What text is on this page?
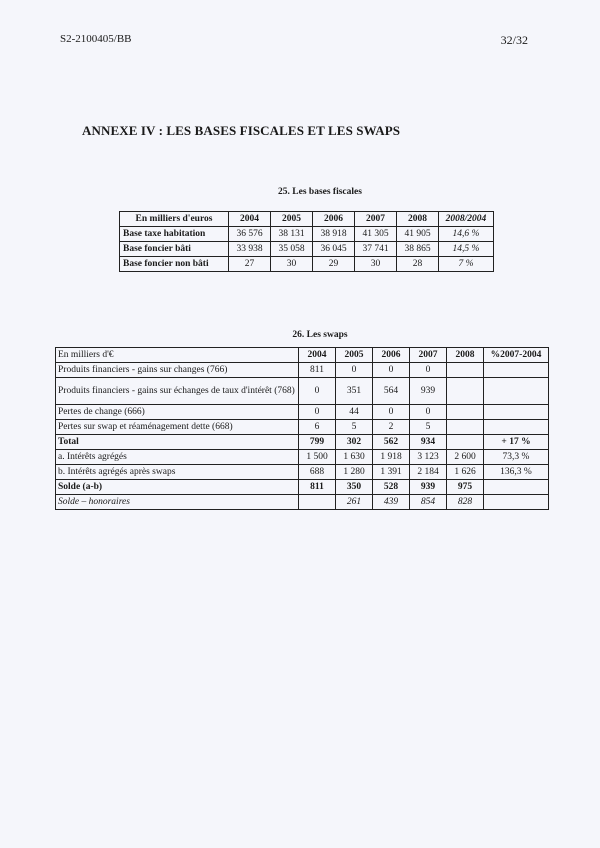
S2-2100405/BB	32/32
ANNEXE IV : LES BASES FISCALES ET LES SWAPS
25. Les bases fiscales
En milliers d'euros	2004	2005	2006	2007	2008	2008/2004
Base taxe habitation	36 576	38 131	38 918	41 305	41 905	14,6 %
Base foncier bâti	33 938	35 058	36 045	37 741	38 865	14,5 %
Base foncier non bâti	27	30	29	30	28	7 %
26. Les swaps
En milliers d'€	2004	2005	2006	2007	2008	%2007-2004
Produits financiers - gains sur changes (766)	811	0	0	0		
Produits financiers - gains sur échanges de taux d'intérêt (768)	0	351	564	939		
Pertes de change (666)	0	44	0	0		
Pertes sur swap et réaménagement dette (668)	6	5	2	5		
Total	799	302	562	934		+ 17 %
a. Intérêts agrégés	1 500	1 630	1 918	3 123	2 600	73,3 %
b. Intérêts agrégés après swaps	688	1 280	1 391	2 184	1 626	136,3 %
Solde (a-b)	811	350	528	939	975	
Solde – honoraires		261	439	854	828	
